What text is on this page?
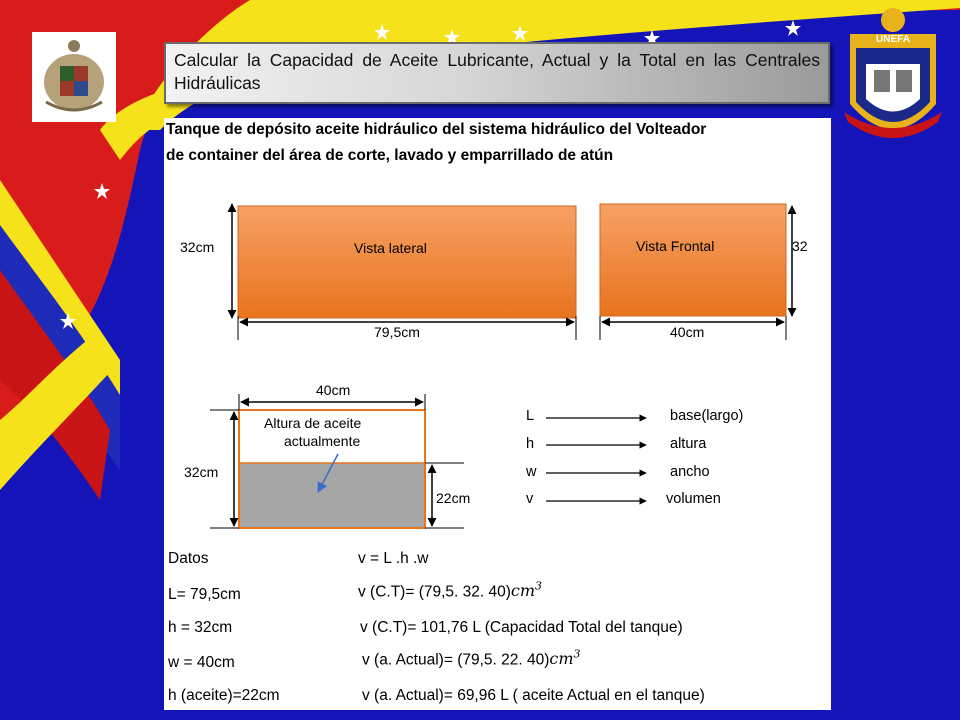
UNEFA
Calcular la Capacidad de Aceite Lubricante, Actual y la Total en las Centrales Hidráulicas
Tanque de depósito aceite hidráulico del sistema hidráulico del Volteador
de container del área de corte, lavado y emparrillado de atún
Vista lateral
32cm
79,5cm
Vista Frontal	32
40cm
40cm
32cm
22cm
Altura de aceite
actualmente
L	base(largo)
h	altura
w	ancho
v	volumen
Datos	v = L .h .w
L= 79,5cm	v (C.T)= (79,5. 32. $40)cm^3$
h = 32cm	v (C.T)= 101,76 L (Capacidad Total del tanque)
w = 40cm	v (a. Actual)= (79,5. 22. $40)cm^3$
h (aceite)=22cm	v (a. Actual)= 69,96 L ( aceite Actual en el tanque)
